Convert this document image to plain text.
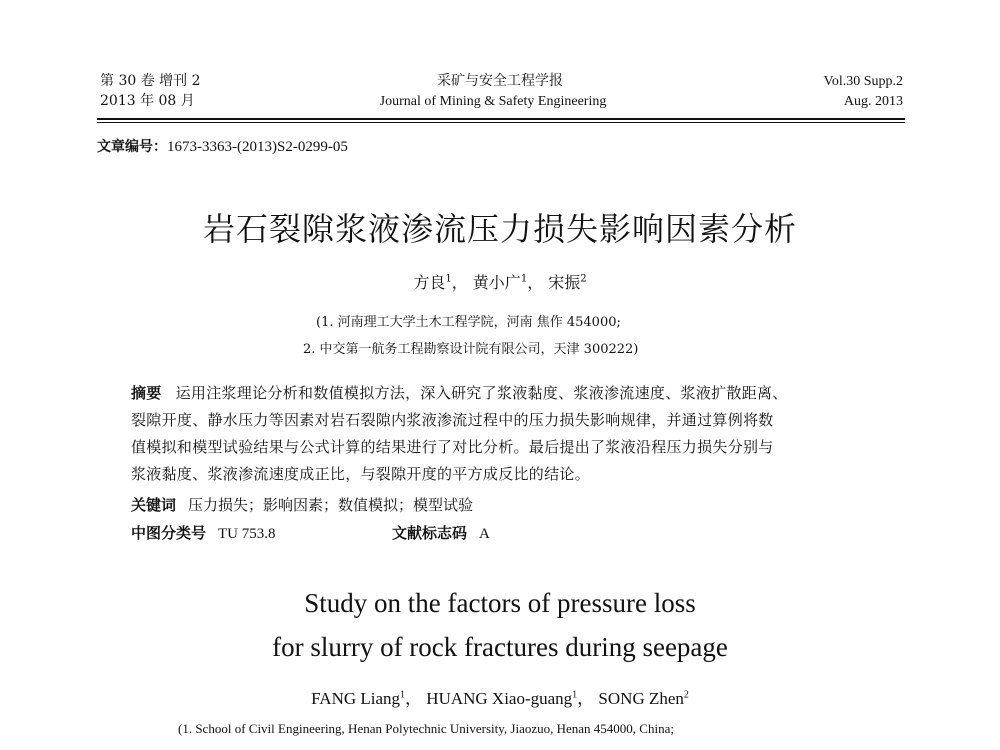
第 30 卷 增刊 2
2013 年 08 月
采矿与安全工程学报
Journal of Mining & Safety Engineering
Vol.30 Supp.2
Aug. 2013
文章编号：1673-3363-(2013)S2-0299-05
岩石裂隙浆液渗流压力损失影响因素分析
方良$^1$， 黄小广$^1$， 宋振$^2$
(1. 河南理工大学土木工程学院，河南 焦作 454000;
2. 中交第一航务工程勘察设计院有限公司，天津 300222)
摘要 运用注浆理论分析和数值模拟方法，深入研究了浆液黏度、浆液渗流速度、浆液扩散距离、
裂隙开度、静水压力等因素对岩石裂隙内浆液渗流过程中的压力损失影响规律，并通过算例将数
值模拟和模型试验结果与公式计算的结果进行了对比分析。最后提出了浆液沿程压力损失分别与
浆液黏度、浆液渗流速度成正比，与裂隙开度的平方成反比的结论。
关键词 压力损失；影响因素；数值模拟；模型试验
中图分类号 TU 753.8	文献标志码 A
Study on the factors of pressure loss
for slurry of rock fractures during seepage
FANG Liang$^1$， HUANG Xiao-guang$^1$， SONG Zhen$^2$
(1. School of Civil Engineering, Henan Polytechnic University, Jiaozuo, Henan 454000, China;
